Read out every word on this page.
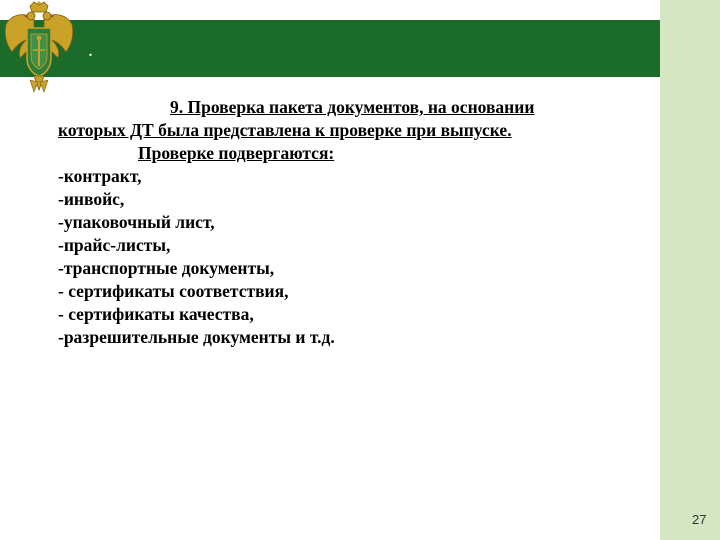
.
9. Проверка пакета документов, на основании
которых ДТ была представлена к проверке при выпуске.
Проверке подвергаются:
-контракт,
-инвойс,
-упаковочный лист,
-прайс-листы,
-транспортные документы,
- сертификаты соответствия,
- сертификаты качества,
-разрешительные документы и т.д.
27
